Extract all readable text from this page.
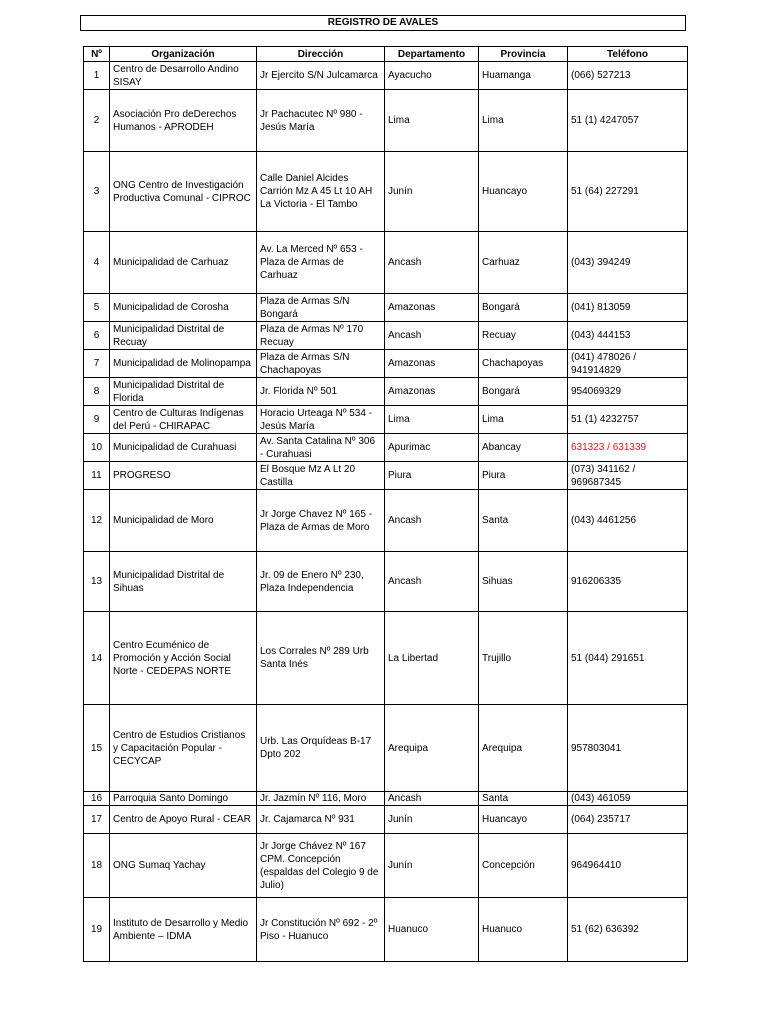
REGISTRO DE AVALES
Nº	Organización	Dirección	Departamento	Provincia	Teléfono
1	Centro de Desarrollo Andino SISAY	Jr Ejercito S/N Julcamarca	Ayacucho	Huamanga	(066) 527213
2	Asociación Pro deDerechos Humanos - APRODEH	Jr Pachacutec Nº 980 - Jesús María	Lima	Lima	51 (1) 4247057
3	ONG Centro de Investigación Productiva Comunal - CIPROC	Calle Daniel Alcides Carrión Mz A 45 Lt 10 AH La Victoria - El Tambo	Junín	Huancayo	51 (64) 227291
4	Municipalidad de Carhuaz	Av. La Merced Nº 653 - Plaza de Armas de Carhuaz	Ancash	Carhuaz	(043) 394249
5	Municipalidad de Corosha	Plaza de Armas S/N Bongará	Amazonas	Bongará	(041) 813059
6	Municipalidad Distrital de Recuay	Plaza de Armas Nº 170 Recuay	Ancash	Recuay	(043) 444153
7	Municipalidad de Molinopampa	Plaza de Armas S/N Chachapoyas	Amazonas	Chachapoyas	(041) 478026 / 941914829
8	Municipalidad Distrital de Florida	Jr. Florida Nº 501	Amazonas	Bongará	954069329
9	Centro de Culturas Indígenas del Perú - CHIRAPAC	Horacio Urteaga Nº 534 - Jesús María	Lima	Lima	51 (1) 4232757
10	Municipalidad de Curahuasi	Av. Santa Catalina Nº 306 - Curahuasi	Apurimac	Abancay	631323 / 631339
11	PROGRESO	El Bosque Mz A Lt 20 Castilla	Piura	Piura	(073) 341162 / 969687345
12	Municipalidad de Moro	Jr Jorge Chavez Nº 165 - Plaza de Armas de Moro	Ancash	Santa	(043) 4461256
13	Municipalidad Distrital de Sihuas	Jr. 09 de Enero Nº 230, Plaza Independencia	Ancash	Sihuas	916206335
14	Centro Ecuménico de Promoción y Acción Social Norte - CEDEPAS NORTE	Los Corrales Nº 289 Urb Santa Inés	La Libertad	Trujillo	51 (044) 291651
15	Centro de Estudios Cristianos y Capacitación Popular - CECYCAP	Urb. Las Orquídeas B-17 Dpto 202	Arequipa	Arequipa	957803041
16	Parroquia Santo Domingo	Jr. Jazmín Nº 116, Moro	Ancash	Santa	(043) 461059
17	Centro de Apoyo Rural - CEAR	Jr. Cajamarca Nº 931	Junín	Huancayo	(064) 235717
18	ONG Sumaq Yachay	Jr Jorge Chávez Nº 167 CPM. Concepción (espaldas del Colegio 9 de Julio)	Junín	Concepción	964964410
19	Instituto de Desarrollo y Medio Ambiente – IDMA	Jr Constitución Nº 692 - 2º Piso - Huanuco	Huanuco	Huanuco	51 (62) 636392
